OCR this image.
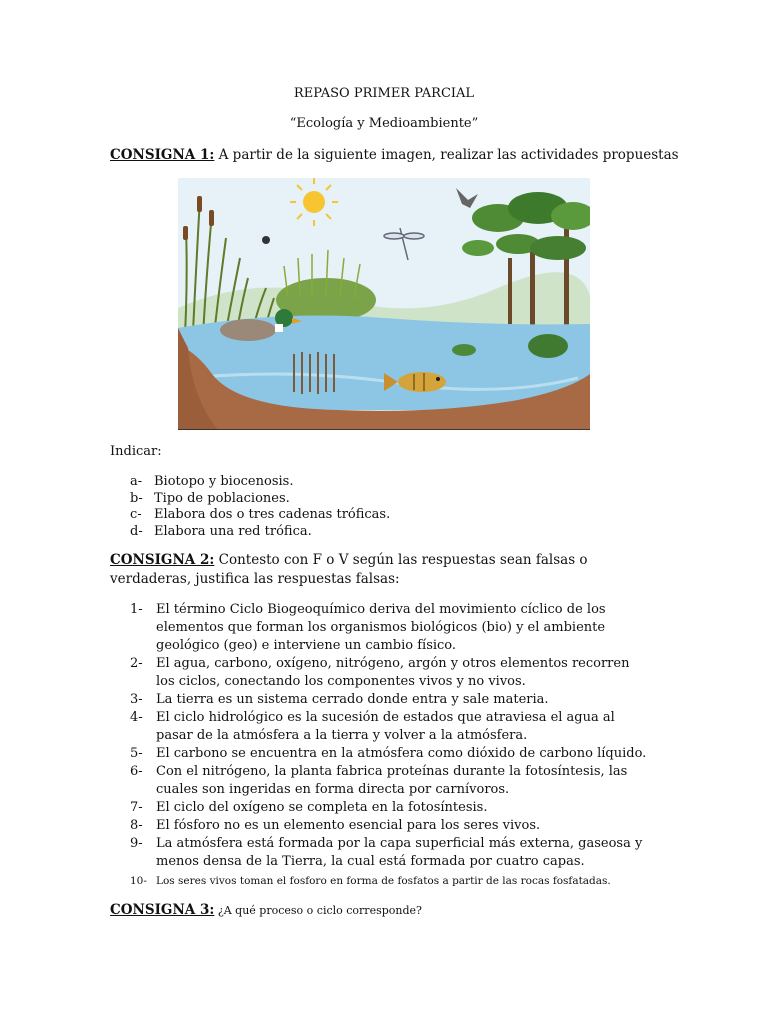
REPASO PRIMER PARCIAL
“Ecología y Medioambiente”
CONSIGNA 1: A partir de la siguiente imagen, realizar las actividades propuestas
Indicar:
a- Biotopo y biocenosis.
b- Tipo de poblaciones.
c- Elabora dos o tres cadenas tróficas.
d- Elabora una red trófica.
CONSIGNA 2: Contesto con F o V según las respuestas sean falsas o verdaderas, justifica las respuestas falsas:
1-	El término Ciclo Biogeoquímico deriva del movimiento cíclico de los elementos que forman los organismos biológicos (bio) y el ambiente geológico (geo) e interviene un cambio físico.
2-	El agua, carbono, oxígeno, nitrógeno, argón y otros elementos recorren los ciclos, conectando los componentes vivos y no vivos.
3-	La tierra es un sistema cerrado donde entra y sale materia.
4-	El ciclo hidrológico es la sucesión de estados que atraviesa el agua al pasar de la atmósfera a la tierra y volver a la atmósfera.
5-	El carbono se encuentra en la atmósfera como dióxido de carbono líquido.
6-	Con el nitrógeno, la planta fabrica proteínas durante la fotosíntesis, las cuales son ingeridas en forma directa por carnívoros.
7-	El ciclo del oxígeno se completa en la fotosíntesis.
8-	El fósforo no es un elemento esencial para los seres vivos.
9-	La atmósfera está formada por la capa superficial más externa, gaseosa y menos densa de la Tierra, la cual está formada por cuatro capas.
10- Los seres vivos toman el fosforo en forma de fosfatos a partir de las rocas fosfatadas.
CONSIGNA 3: ¿A qué proceso o ciclo corresponde?
